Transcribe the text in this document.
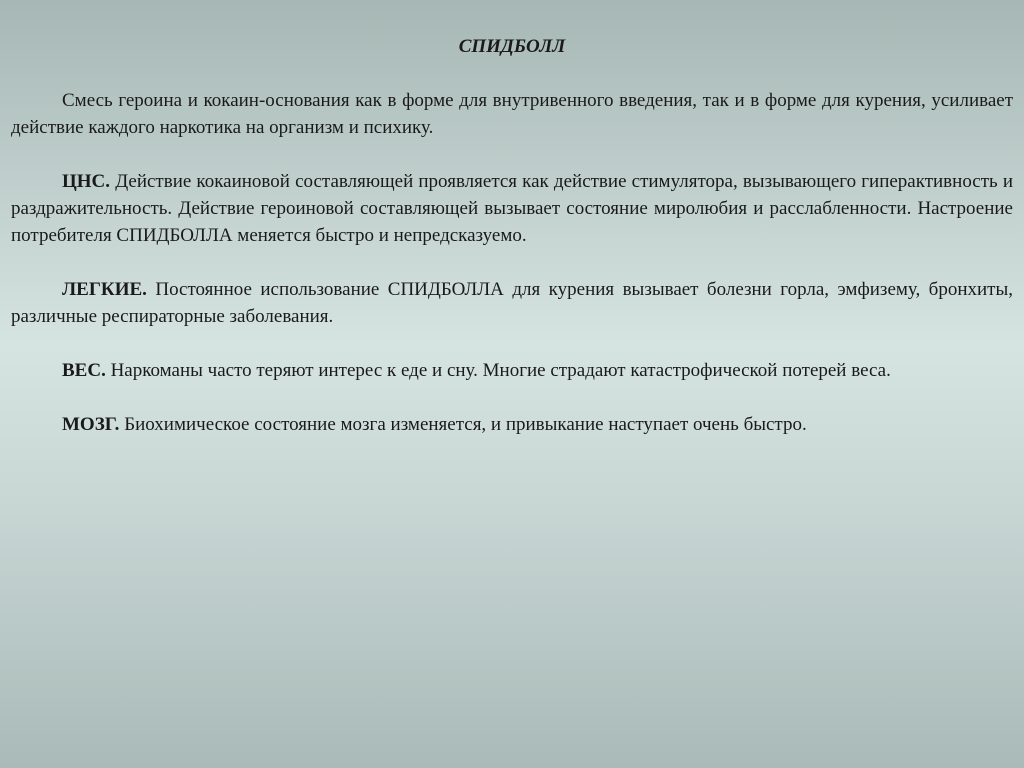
СПИДБОЛЛ

Смесь героина и кокаин-основания как в форме для внутривенного введения, так и в форме для курения, усиливает действие каждого наркотика на организм и психику.

ЦНС. Действие кокаиновой составляющей проявляется как действие стимулятора, вызывающего гиперактивность и раздражительность. Действие героиновой составляющей вызывает состояние миролюбия и расслабленности. Настроение потребителя СПИДБОЛЛА меняется быстро и непредсказуемо.

ЛЕГКИЕ. Постоянное использование СПИДБОЛЛА для курения вызывает болезни горла, эмфизему, бронхиты, различные респираторные заболевания.

ВЕС. Наркоманы часто теряют интерес к еде и сну. Многие страдают катастрофической потерей веса.

МОЗГ. Биохимическое состояние мозга изменяется, и привыкание наступает очень быстро.
